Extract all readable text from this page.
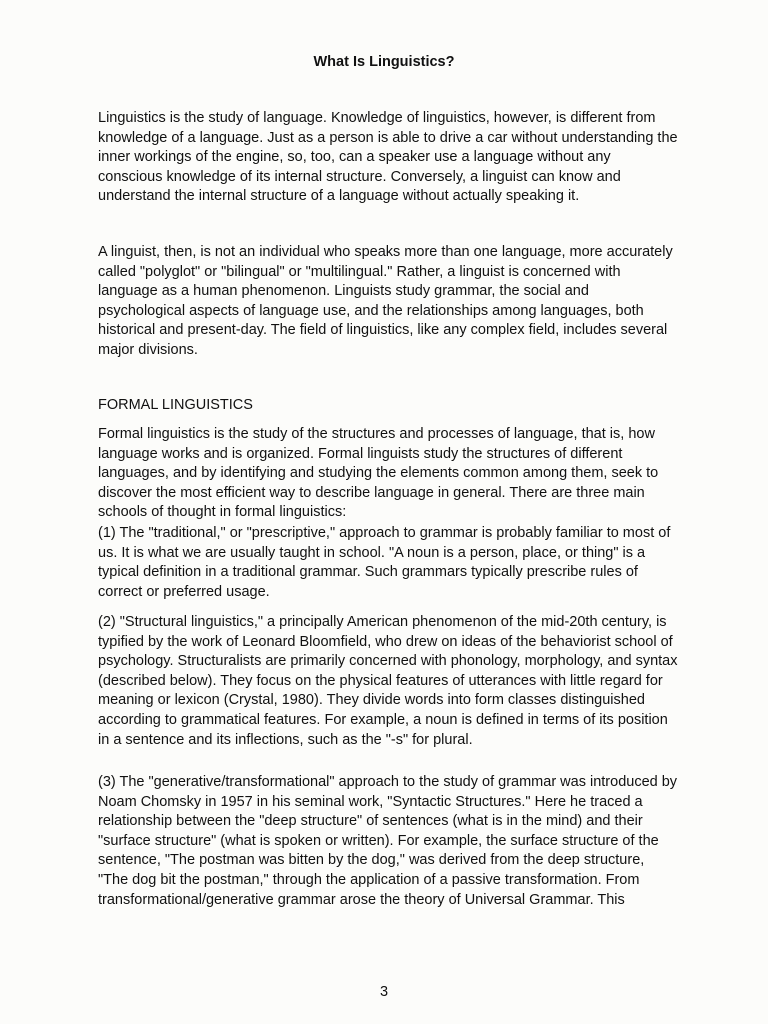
What Is Linguistics?

Linguistics is the study of language. Knowledge of linguistics, however, is different from knowledge of a language. Just as a person is able to drive a car without understanding the inner workings of the engine, so, too, can a speaker use a language without any conscious knowledge of its internal structure. Conversely, a linguist can know and understand the internal structure of a language without actually speaking it.

A linguist, then, is not an individual who speaks more than one language, more accurately called "polyglot" or "bilingual" or "multilingual." Rather, a linguist is concerned with language as a human phenomenon. Linguists study grammar, the social and psychological aspects of language use, and the relationships among languages, both historical and present-day. The field of linguistics, like any complex field, includes several major divisions.

FORMAL LINGUISTICS

Formal linguistics is the study of the structures and processes of language, that is, how language works and is organized. Formal linguists study the structures of different languages, and by identifying and studying the elements common among them, seek to discover the most efficient way to describe language in general. There are three main schools of thought in formal linguistics:

(1) The "traditional," or "prescriptive," approach to grammar is probably familiar to most of us. It is what we are usually taught in school. "A noun is a person, place, or thing" is a typical definition in a traditional grammar. Such grammars typically prescribe rules of correct or preferred usage.

(2) "Structural linguistics," a principally American phenomenon of the mid-20th century, is typified by the work of Leonard Bloomfield, who drew on ideas of the behaviorist school of psychology. Structuralists are primarily concerned with phonology, morphology, and syntax (described below). They focus on the physical features of utterances with little regard for meaning or lexicon (Crystal, 1980). They divide words into form classes distinguished according to grammatical features. For example, a noun is defined in terms of its position in a sentence and its inflections, such as the "-s" for plural.

(3) The "generative/transformational" approach to the study of grammar was introduced by Noam Chomsky in 1957 in his seminal work, "Syntactic Structures." Here he traced a relationship between the "deep structure" of sentences (what is in the mind) and their "surface structure" (what is spoken or written). For example, the surface structure of the sentence, "The postman was bitten by the dog," was derived from the deep structure, "The dog bit the postman," through the application of a passive transformation. From transformational/generative grammar arose the theory of Universal Grammar. This

3
